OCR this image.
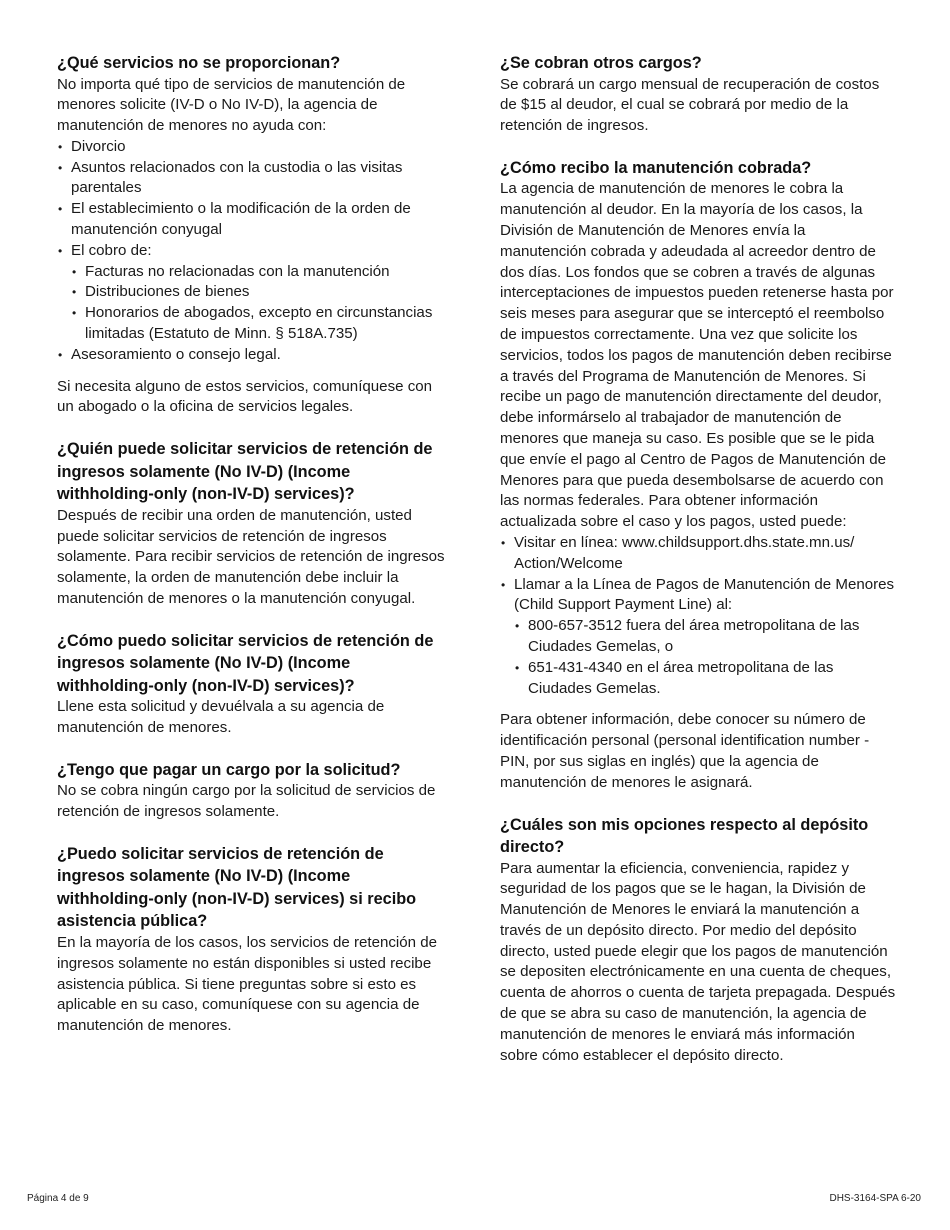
¿Qué servicios no se proporcionan?

No importa qué tipo de servicios de manutención de menores solicite (IV-D o No IV-D), la agencia de manutención de menores no ayuda con:

• Divorcio
• Asuntos relacionados con la custodia o las visitas parentales
• El establecimiento o la modificación de la orden de manutención conyugal
• El cobro de:
• Facturas no relacionadas con la manutención
• Distribuciones de bienes
• Honorarios de abogados, excepto en circunstancias limitadas (Estatuto de Minn. § 518A.735)
• Asesoramiento o consejo legal.

Si necesita alguno de estos servicios, comuníquese con un abogado o la oficina de servicios legales.

¿Quién puede solicitar servicios de retención de ingresos solamente (No IV-D) (Income withholding-only (non-IV-D) services)?

Después de recibir una orden de manutención, usted puede solicitar servicios de retención de ingresos solamente. Para recibir servicios de retención de ingresos solamente, la orden de manutención debe incluir la manutención de menores o la manutención conyugal.

¿Cómo puedo solicitar servicios de retención de ingresos solamente (No IV-D) (Income withholding-only (non-IV-D) services)?

Llene esta solicitud y devuélvala a su agencia de manutención de menores.

¿Tengo que pagar un cargo por la solicitud?

No se cobra ningún cargo por la solicitud de servicios de retención de ingresos solamente.

¿Puedo solicitar servicios de retención de ingresos solamente (No IV-D) (Income withholding-only (non-IV-D) services) si recibo asistencia pública?

En la mayoría de los casos, los servicios de retención de ingresos solamente no están disponibles si usted recibe asistencia pública. Si tiene preguntas sobre si esto es aplicable en su caso, comuníquese con su agencia de manutención de menores.

¿Se cobran otros cargos?

Se cobrará un cargo mensual de recuperación de costos de $15 al deudor, el cual se cobrará por medio de la retención de ingresos.

¿Cómo recibo la manutención cobrada?

La agencia de manutención de menores le cobra la manutención al deudor. En la mayoría de los casos, la División de Manutención de Menores envía la manutención cobrada y adeudada al acreedor dentro de dos días. Los fondos que se cobren a través de algunas interceptaciones de impuestos pueden retenerse hasta por seis meses para asegurar que se interceptó el reembolso de impuestos correctamente. Una vez que solicite los servicios, todos los pagos de manutención deben recibirse a través del Programa de Manutención de Menores. Si recibe un pago de manutención directamente del deudor, debe informárselo al trabajador de manutención de menores que maneja su caso. Es posible que se le pida que envíe el pago al Centro de Pagos de Manutención de Menores para que pueda desembolsarse de acuerdo con las normas federales. Para obtener información actualizada sobre el caso y los pagos, usted puede:

• Visitar en línea: www.childsupport.dhs.state.mn.us/ Action/Welcome
• Llamar a la Línea de Pagos de Manutención de Menores (Child Support Payment Line) al:
• 800-657-3512 fuera del área metropolitana de las Ciudades Gemelas, o
• 651-431-4340 en el área metropolitana de las Ciudades Gemelas.

Para obtener información, debe conocer su número de identificación personal (personal identification number - PIN, por sus siglas en inglés) que la agencia de manutención de menores le asignará.

¿Cuáles son mis opciones respecto al depósito directo?

Para aumentar la eficiencia, conveniencia, rapidez y seguridad de los pagos que se le hagan, la División de Manutención de Menores le enviará la manutención a través de un depósito directo. Por medio del depósito directo, usted puede elegir que los pagos de manutención se depositen electrónicamente en una cuenta de cheques, cuenta de ahorros o cuenta de tarjeta prepagada. Después de que se abra su caso de manutención, la agencia de manutención de menores le enviará más información sobre cómo establecer el depósito directo.

Página 4 de 9	DHS-3164-SPA 6-20
